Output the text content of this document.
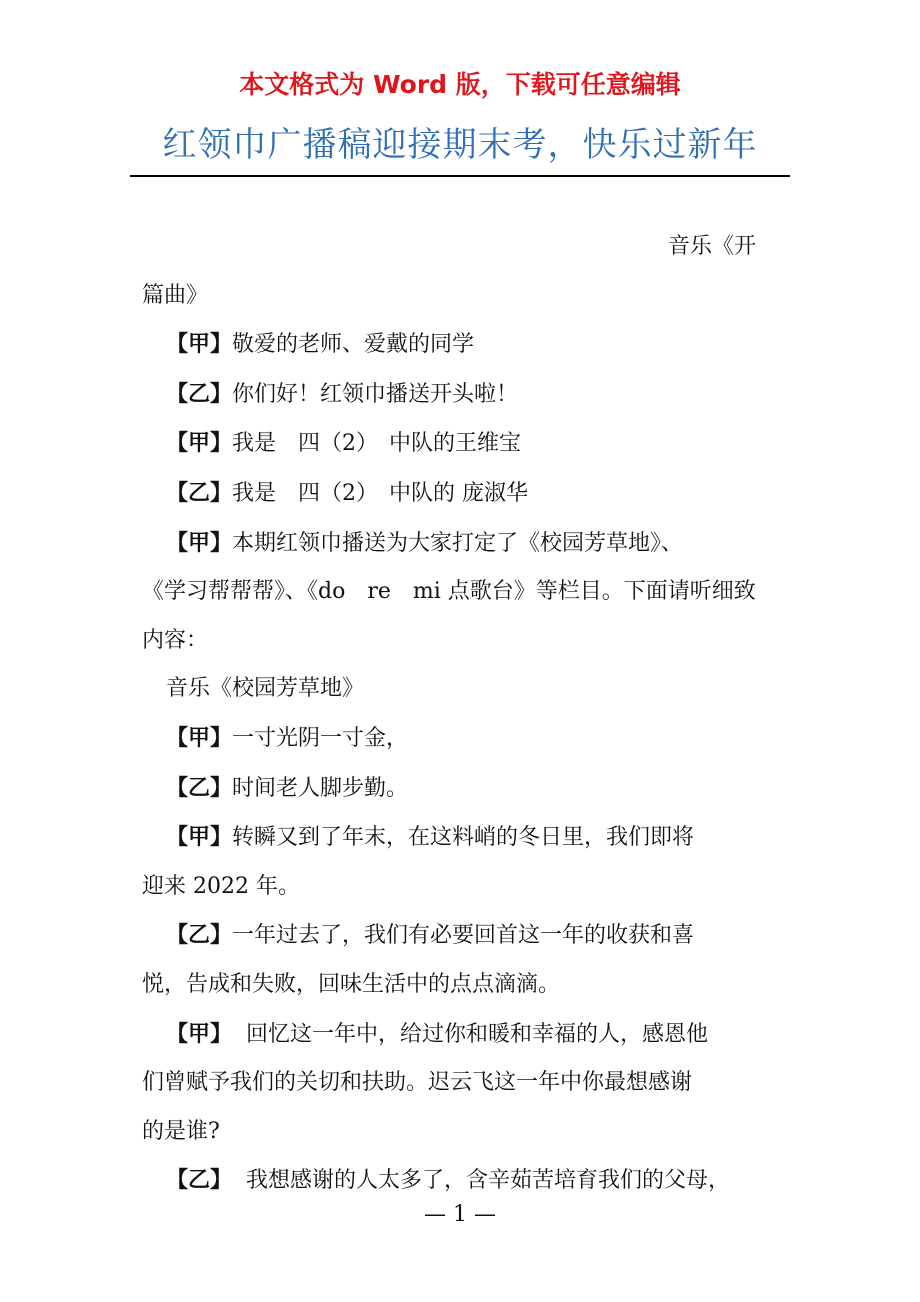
本文格式为 Word 版，下载可任意编辑
红领巾广播稿迎接期末考，快乐过新年

音乐《开

篇曲》

【甲】敬爱的老师、爱戴的同学

【乙】你们好！红领巾播送开头啦！

【甲】我是　四（2）　中队的王维宝

【乙】我是　四（2）　中队的 庞淑华

【甲】本期红领巾播送为大家打定了《校园芳草地》、

《学习帮帮帮》、《do　re　mi 点歌台》等栏目。下面请听细致

内容：

音乐《校园芳草地》

【甲】一寸光阴一寸金，

【乙】时间老人脚步勤。

【甲】转瞬又到了年末，在这料峭的冬日里，我们即将

迎来 2022 年。

【乙】一年过去了，我们有必要回首这一年的收获和喜

悦，告成和失败，回味生活中的点点滴滴。

【甲】 回忆这一年中，给过你和暖和幸福的人，感恩他

们曾赋予我们的关切和扶助。迟云飞这一年中你最想感谢

的是谁?

【乙】 我想感谢的人太多了，含辛茹苦培育我们的父母，

— 1 —
